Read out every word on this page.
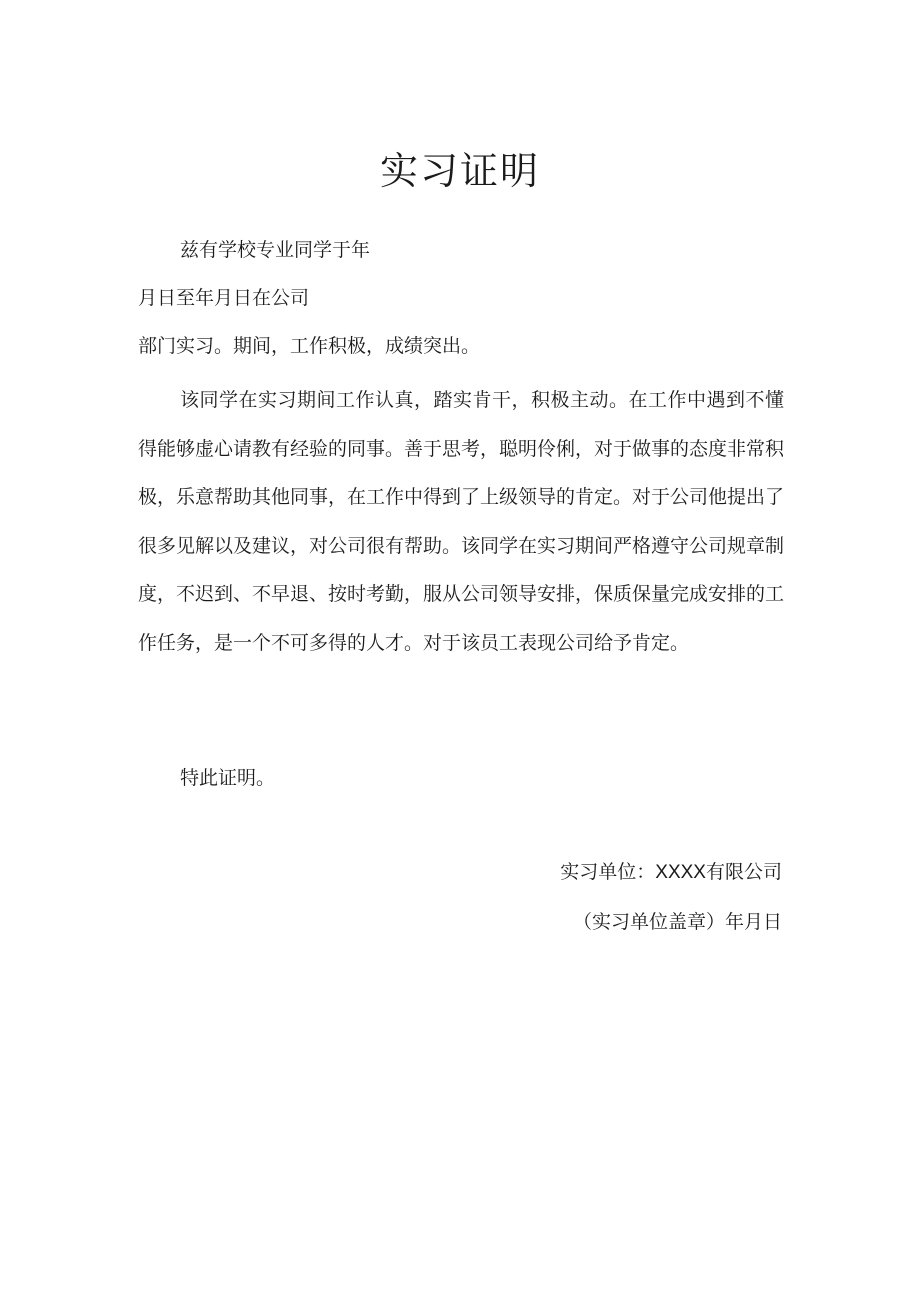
实习证明

兹有学校专业同学于年

月日至年月日在公司

部门实习。期间，工作积极，成绩突出。

该同学在实习期间工作认真，踏实肯干，积极主动。在工作中遇到不懂得能够虚心请教有经验的同事。善于思考，聪明伶俐，对于做事的态度非常积极，乐意帮助其他同事，在工作中得到了上级领导的肯定。对于公司他提出了很多见解以及建议，对公司很有帮助。该同学在实习期间严格遵守公司规章制度，不迟到、不早退、按时考勤，服从公司领导安排，保质保量完成安排的工作任务，是一个不可多得的人才。对于该员工表现公司给予肯定。

特此证明。

实习单位：XXXX有限公司

（实习单位盖章）年月日
